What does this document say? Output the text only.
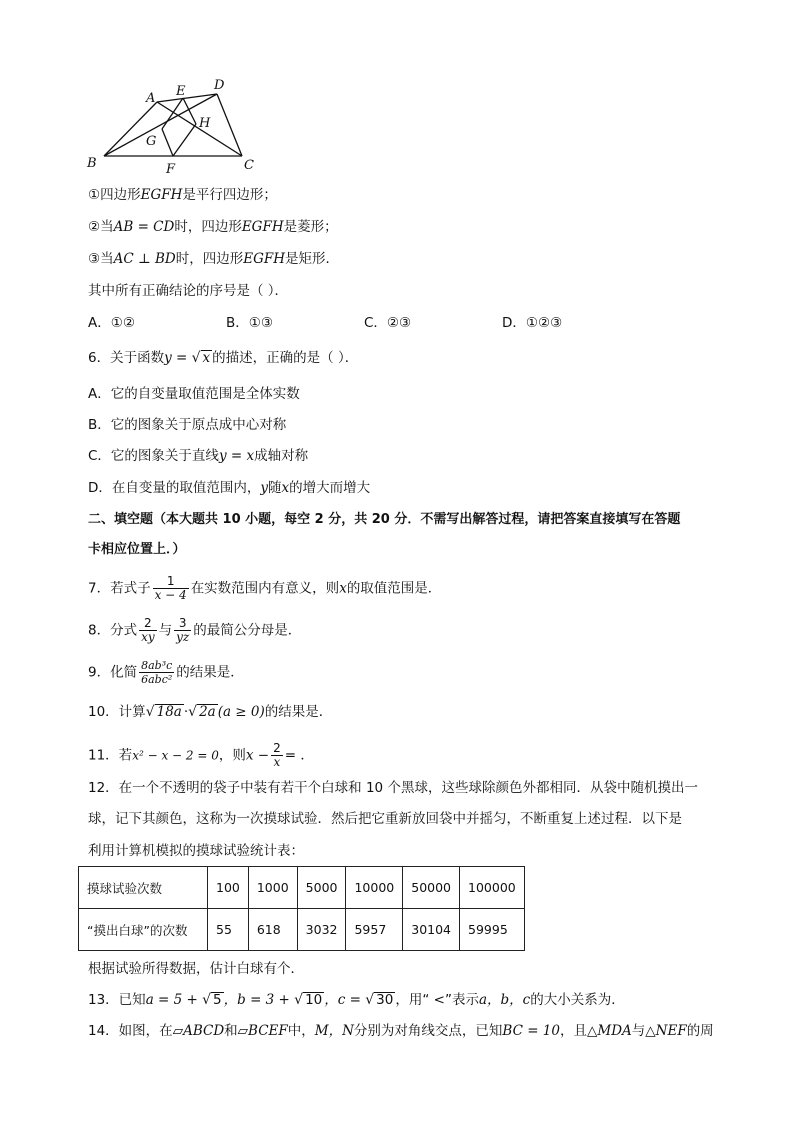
A E D
H
G
B	F	C
①四边形EGFH是平行四边形；
②当AB = CD时，四边形EGFH是菱形；
③当AC ⊥ BD时，四边形EGFH是矩形．
其中所有正确结论的序号是（ ）．
A．①②	B．①③	C．②③	D．①②③
6．关于函数y = √ x 的描述，正确的是（ ）．
A．它的自变量取值范围是全体实数
B．它的图象关于原点成中心对称
C．它的图象关于直线y = x成轴对称
D．在自变量的取值范围内，y随x的增大而增大
二、填空题（本大题共 10 小题，每空 2 分，共 20 分．不需写出解答过程，请把答案直接填写在答题
卡相应位置上．）
7．若式子 $\frac{1}{x - 4}$ 在实数范围内有意义，则x的取值范围是．
8．分式 $\frac{2}{xy}$ 与 $\frac{3}{yz}$ 的最简公分母是．
9．化简 $\frac{\text{8ab³c}}{\text{6abc²}}$ 的结果是．
10．计算√ 18a ·√ 2a (a ≥ 0)的结果是．
11．若x² − x − 2 = 0，则$x - \frac{2}{x}$ = ．
12．在一个不透明的袋子中装有若干个白球和 10 个黑球，这些球除颜色外都相同．从袋中随机摸出一
球，记下其颜色，这称为一次摸球试验．然后把它重新放回袋中并摇匀，不断重复上述过程．以下是
利用计算机模拟的摸球试验统计表：
摸球试验次数	100	1000	5000	10000	50000	100000
“摸出白球”的次数	55	618	3032	5957	30104	59995
根据试验所得数据，估计白球有个．
13．已知a = 5 + √ 5 ，b = 3 + √ 10 ，c = √ 30 ，用“ <”表示a，b，c的大小关系为．
14．如图，在▱ABCD和▱BCEF中，M，N分别为对角线交点，已知BC = 10，且△MDA与△NEF的周
